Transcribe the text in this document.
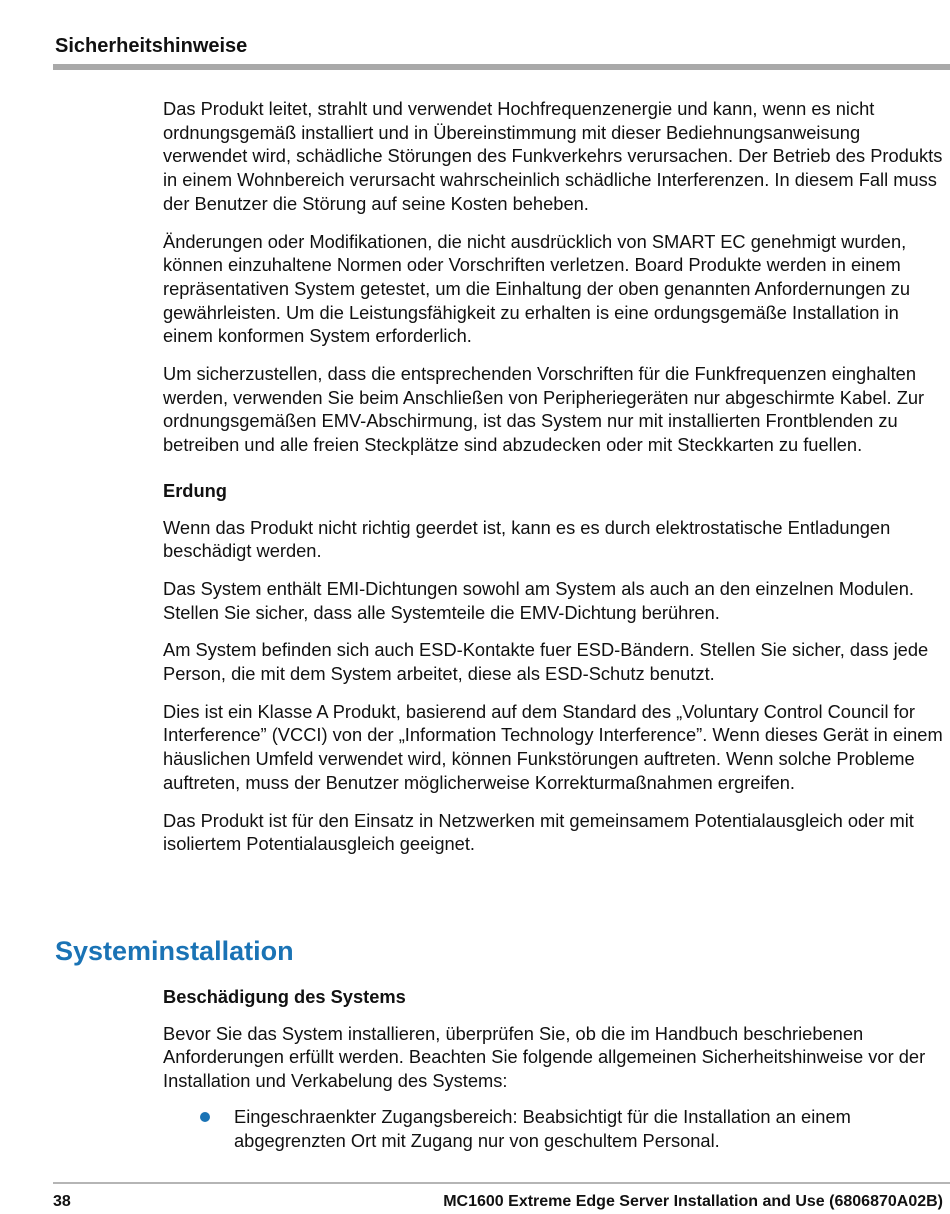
Sicherheitshinweise

Das Produkt leitet, strahlt und verwendet Hochfrequenzenergie und kann, wenn es nicht ordnungsgemäß installiert und in Übereinstimmung mit dieser Bediehnungsanweisung verwendet wird, schädliche Störungen des Funkverkehrs verursachen. Der Betrieb des Produkts in einem Wohnbereich verursacht wahrscheinlich schädliche Interferenzen. In diesem Fall muss der Benutzer die Störung auf seine Kosten beheben.

Änderungen oder Modifikationen, die nicht ausdrücklich von SMART EC genehmigt wurden, können einzuhaltene Normen oder Vorschriften verletzen. Board Produkte werden in einem repräsentativen System getestet, um die Einhaltung der oben genannten Anfordernungen zu gewährleisten. Um die Leistungsfähigkeit zu erhalten is eine ordungsgemäße Installation in einem konformen System erforderlich.

Um sicherzustellen, dass die entsprechenden Vorschriften für die Funkfrequenzen einghalten werden, verwenden Sie beim Anschließen von Peripheriegeräten nur abgeschirmte Kabel. Zur ordnungsgemäßen EMV-Abschirmung, ist das System nur mit installierten Frontblenden zu betreiben und alle freien Steckplätze sind abzudecken oder mit Steckkarten zu fuellen.

Erdung

Wenn das Produkt nicht richtig geerdet ist, kann es es durch elektrostatische Entladungen beschädigt werden.

Das System enthält EMI-Dichtungen sowohl am System als auch an den einzelnen Modulen. Stellen Sie sicher, dass alle Systemteile die EMV-Dichtung berühren.

Am System befinden sich auch ESD-Kontakte fuer ESD-Bändern. Stellen Sie sicher, dass jede Person, die mit dem System arbeitet, diese als ESD-Schutz benutzt.

Dies ist ein Klasse A Produkt, basierend auf dem Standard des „Voluntary Control Council for Interference” (VCCI) von der „Information Technology Interference”. Wenn dieses Gerät in einem häuslichen Umfeld verwendet wird, können Funkstörungen auftreten. Wenn solche Probleme auftreten, muss der Benutzer möglicherweise Korrekturmaßnahmen ergreifen.

Das Produkt ist für den Einsatz in Netzwerken mit gemeinsamem Potentialausgleich oder mit isoliertem Potentialausgleich geeignet.

Systeminstallation
Beschädigung des Systems

Bevor Sie das System installieren, überprüfen Sie, ob die im Handbuch beschriebenen Anforderungen erfüllt werden. Beachten Sie folgende allgemeinen Sicherheitshinweise vor der Installation und Verkabelung des Systems:

Eingeschraenkter Zugangsbereich: Beabsichtigt für die Installation an einem abgegrenzten Ort mit Zugang nur von geschultem Personal.
38	MC1600 Extreme Edge Server Installation and Use (6806870A02B)
